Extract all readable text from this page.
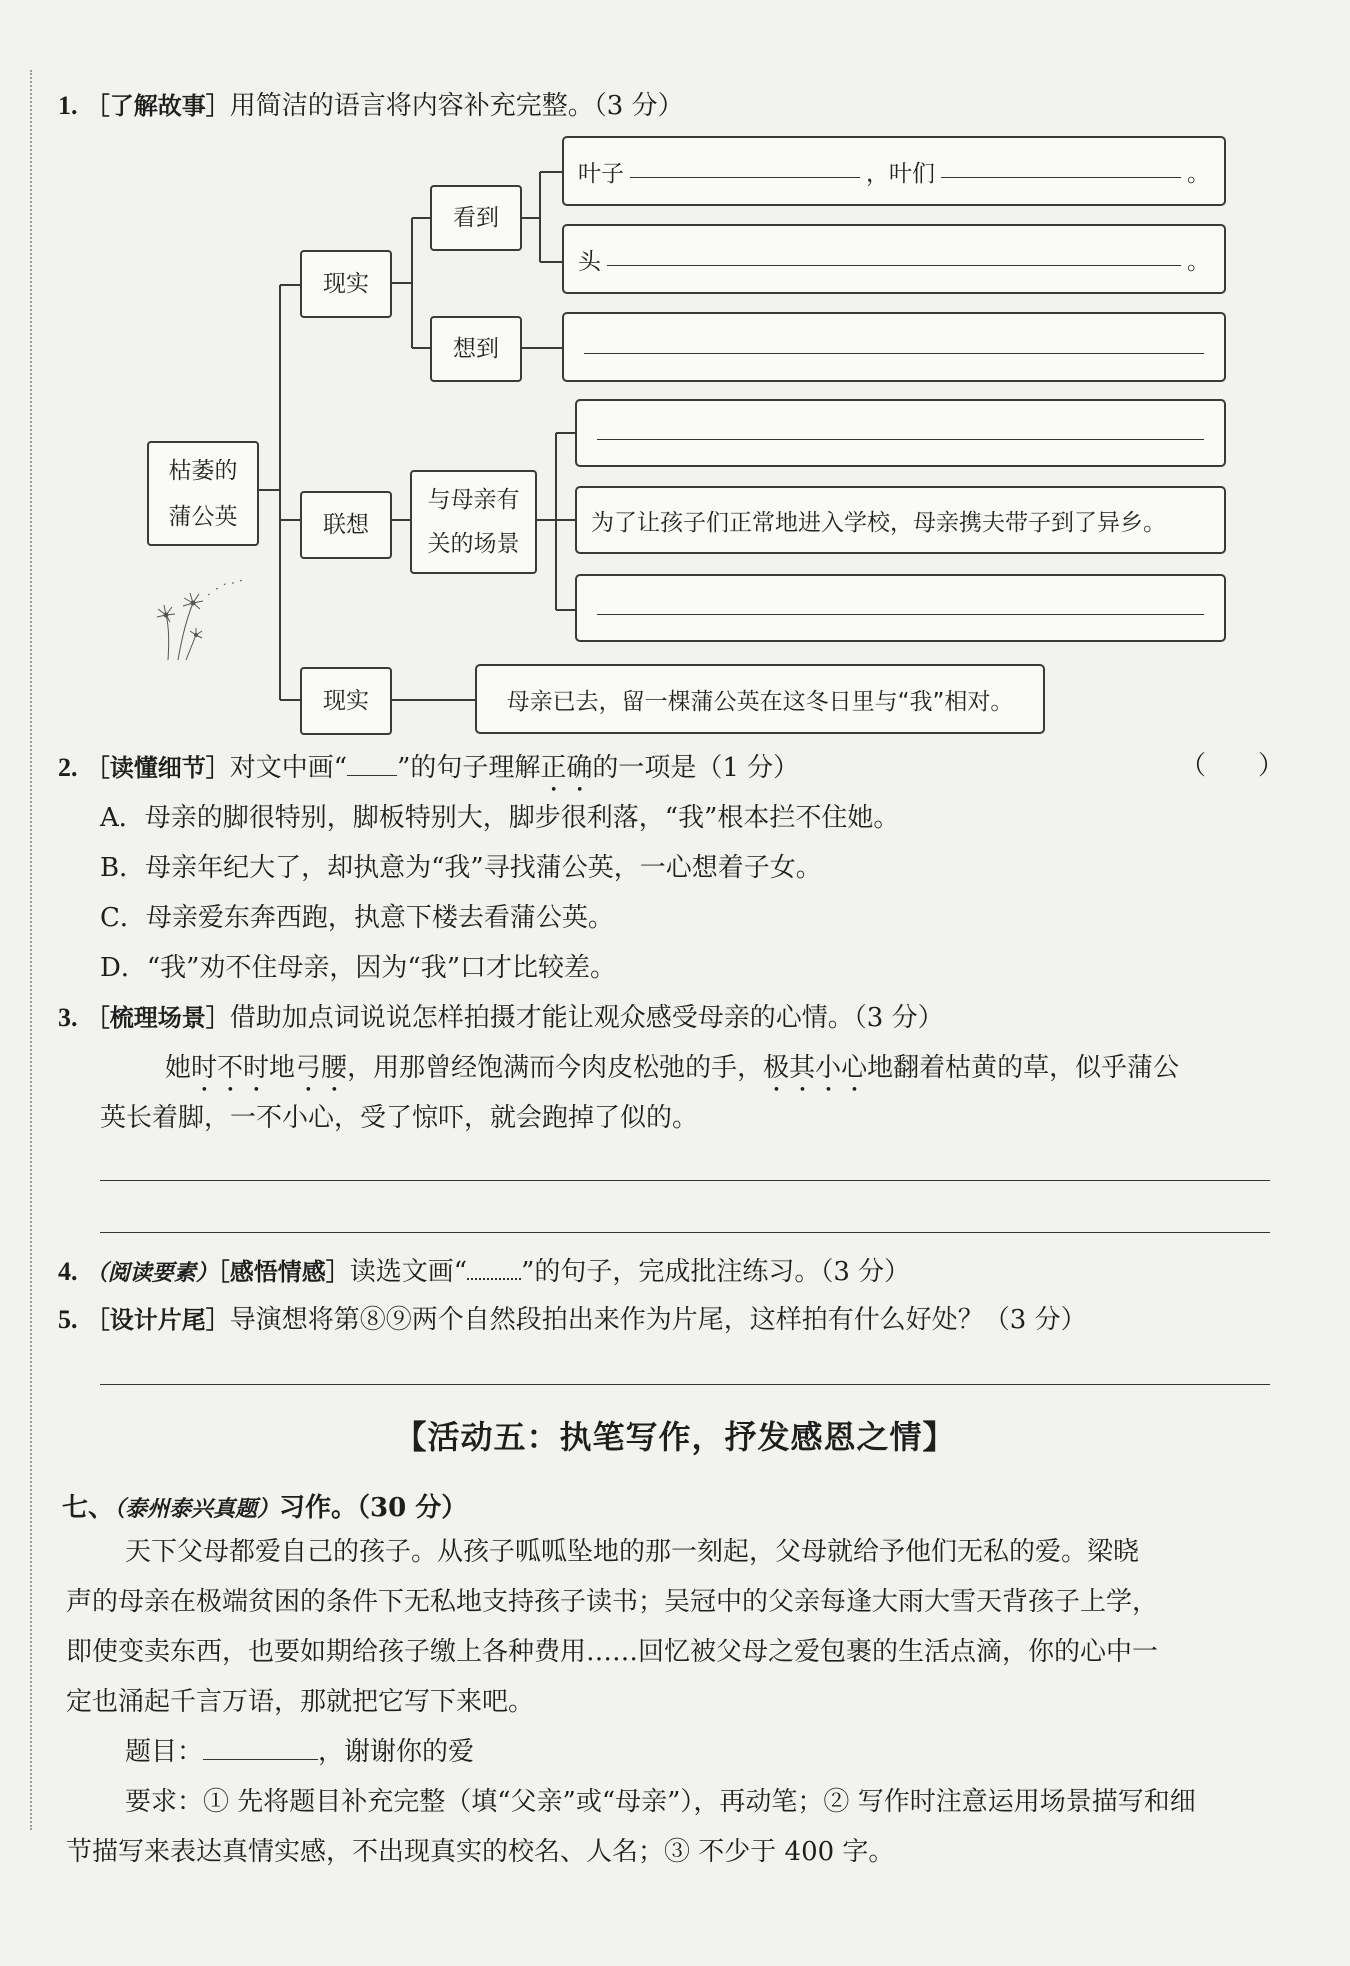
1. ［了解故事］用简洁的语言将内容补充完整。（3 分）
枯萎的
蒲公英
现实
看到
想到
叶子	，叶们	。
头	。
联想
与母亲有
关的场景
为了让孩子们正常地进入学校，母亲携夫带子到了异乡。
现实	母亲已去，留一棵蒲公英在这冬日里与“我”相对。
2. ［读懂细节］对文中画“ ”的句子理解正确的一项是（1 分）	（　　）
A．母亲的脚很特别，脚板特别大，脚步很利落，“我”根本拦不住她。
B．母亲年纪大了，却执意为“我”寻找蒲公英，一心想着子女。
C．母亲爱东奔西跑，执意下楼去看蒲公英。
D．“我”劝不住母亲，因为“我”口才比较差。
3. ［梳理场景］借助加点词说说怎样拍摄才能让观众感受母亲的心情。（3 分）
她时不时地弓腰，用那曾经饱满而今肉皮松弛的手，极其小心地翻着枯黄的草，似乎蒲公
英长着脚，一不小心，受了惊吓，就会跑掉了似的。
4. （阅读要素）［感悟情感］读选文画“ ”的句子，完成批注练习。（3 分）
5. ［设计片尾］导演想将第⑧⑨两个自然段拍出来作为片尾，这样拍有什么好处？（3 分）
【活动五：执笔写作，抒发感恩之情】
七、（泰州泰兴真题）习作。（30 分）
天下父母都爱自己的孩子。从孩子呱呱坠地的那一刻起，父母就给予他们无私的爱。梁晓
声的母亲在极端贫困的条件下无私地支持孩子读书；吴冠中的父亲每逢大雨大雪天背孩子上学，
即使变卖东西，也要如期给孩子缴上各种费用……回忆被父母之爱包裹的生活点滴，你的心中一
定也涌起千言万语，那就把它写下来吧。
题目：	，谢谢你的爱
要求：① 先将题目补充完整（填“父亲”或“母亲”），再动笔；② 写作时注意运用场景描写和细
节描写来表达真情实感，不出现真实的校名、人名；③ 不少于 400 字。
